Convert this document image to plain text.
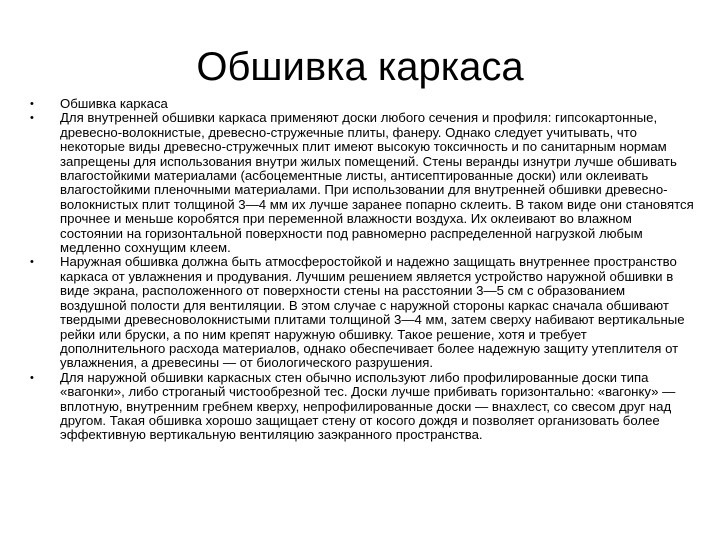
Обшивка каркаса
• Обшивка каркаса
• Для внутренней обшивки каркаса применяют доски любого сечения и профиля: гипсокартонные, древесно-волокнистые, древесно-стружечные плиты, фанеру. Однако следует учитывать, что некоторые виды древесно-стружечных плит имеют высокую токсичность и по санитарным нормам запрещены для использования внутри жилых помещений. Стены веранды изнутри лучше обшивать влагостойкими материалами (асбоцементные листы, антисептированные доски) или оклеивать влагостойкими пленочными материалами. При использовании для внутренней обшивки древесно-волокнистых плит толщиной 3—4 мм их лучше заранее попарно склеить. В таком виде они становятся прочнее и меньше коробятся при переменной влажности воздуха. Их оклеивают во влажном состоянии на горизонтальной поверхности под равномерно распределенной нагрузкой любым медленно сохнущим клеем.
• Наружная обшивка должна быть атмосферостойкой и надежно защищать внутреннее пространство каркаса от увлажнения и продувания. Лучшим решением является устройство наружной обшивки в виде экрана, расположенного от поверхности стены на расстоянии 3—5 см с образованием воздушной полости для вентиляции. В этом случае с наружной стороны каркас сначала обшивают твердыми древесноволокнистыми плитами толщиной 3—4 мм, затем сверху набивают вертикальные рейки или бруски, а по ним крепят наружную обшивку. Такое решение, хотя и требует дополнительного расхода материалов, однако обеспечивает более надежную защиту утеплителя от увлажнения, а древесины — от биологического разрушения.
• Для наружной обшивки каркасных стен обычно используют либо профилированные доски типа «вагонки», либо строганый чистообрезной тес. Доски лучше прибивать горизонтально: «вагонку» — вплотную, внутренним гребнем кверху, непрофилированные доски — внахлест, со свесом друг над другом. Такая обшивка хорошо защищает стену от косого дождя и позволяет организовать более эффективную вертикальную вентиляцию заэкранного пространства.
